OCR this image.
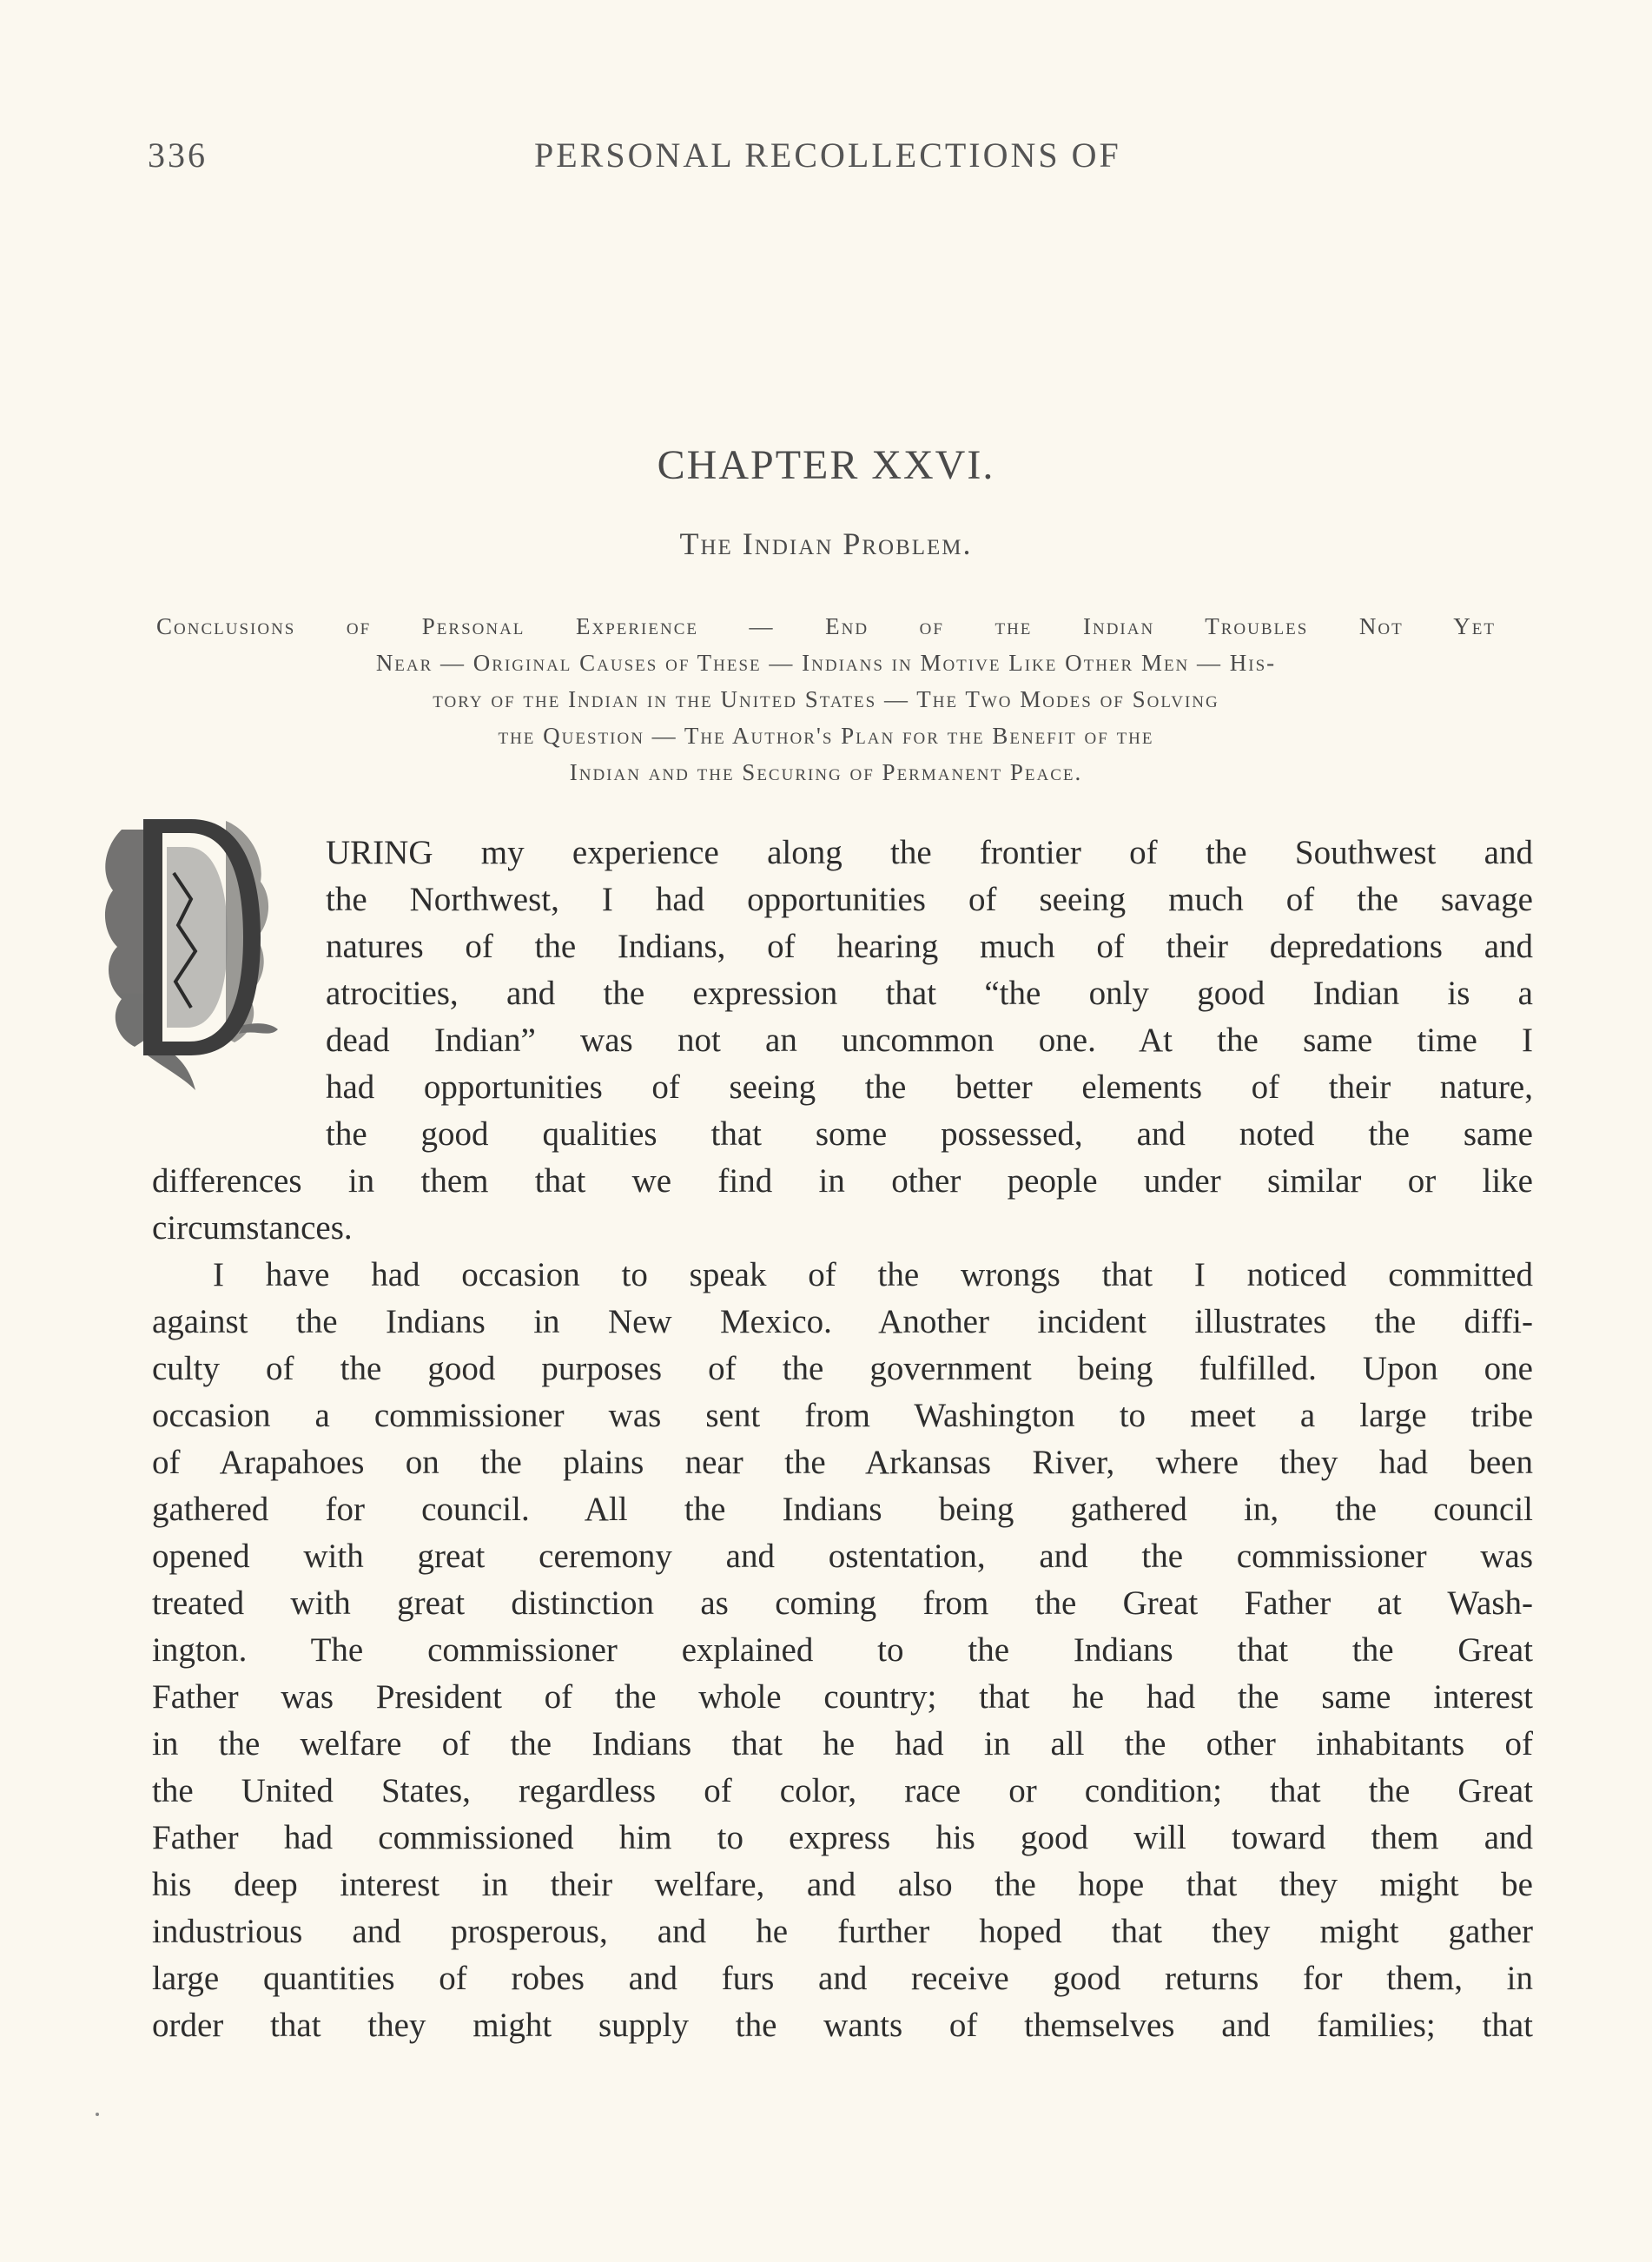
336	PERSONAL RECOLLECTIONS OF
CHAPTER XXVI.
The Indian Problem.
Conclusions of Personal Experience — End of the Indian Troubles Not Yet
Near — Original Causes of These — Indians in Motive Like Other Men — His-
tory of the Indian in the United States — The Two Modes of Solving
the Question — The Author's Plan for the Benefit of the
Indian and the Securing of Permanent Peace.
D
URING my experience along the frontier of the Southwest and
the Northwest, I had opportunities of seeing much of the savage
natures of the Indians, of hearing much of their depredations and
atrocities, and the expression that “the only good Indian is a
dead Indian” was not an uncommon one. At the same time I
had opportunities of seeing the better elements of their nature,
the good qualities that some possessed, and noted the same
differences in them that we find in other people under similar or like
circumstances.
I have had occasion to speak of the wrongs that I noticed committed
against the Indians in New Mexico. Another incident illustrates the diffi-
culty of the good purposes of the government being fulfilled. Upon one
occasion a commissioner was sent from Washington to meet a large tribe
of Arapahoes on the plains near the Arkansas River, where they had been
gathered for council. All the Indians being gathered in, the council
opened with great ceremony and ostentation, and the commissioner was
treated with great distinction as coming from the Great Father at Wash-
ington. The commissioner explained to the Indians that the Great
Father was President of the whole country; that he had the same interest
in the welfare of the Indians that he had in all the other inhabitants of
the United States, regardless of color, race or condition; that the Great
Father had commissioned him to express his good will toward them and
his deep interest in their welfare, and also the hope that they might be
industrious and prosperous, and he further hoped that they might gather
large quantities of robes and furs and receive good returns for them, in
order that they might supply the wants of themselves and families; that
